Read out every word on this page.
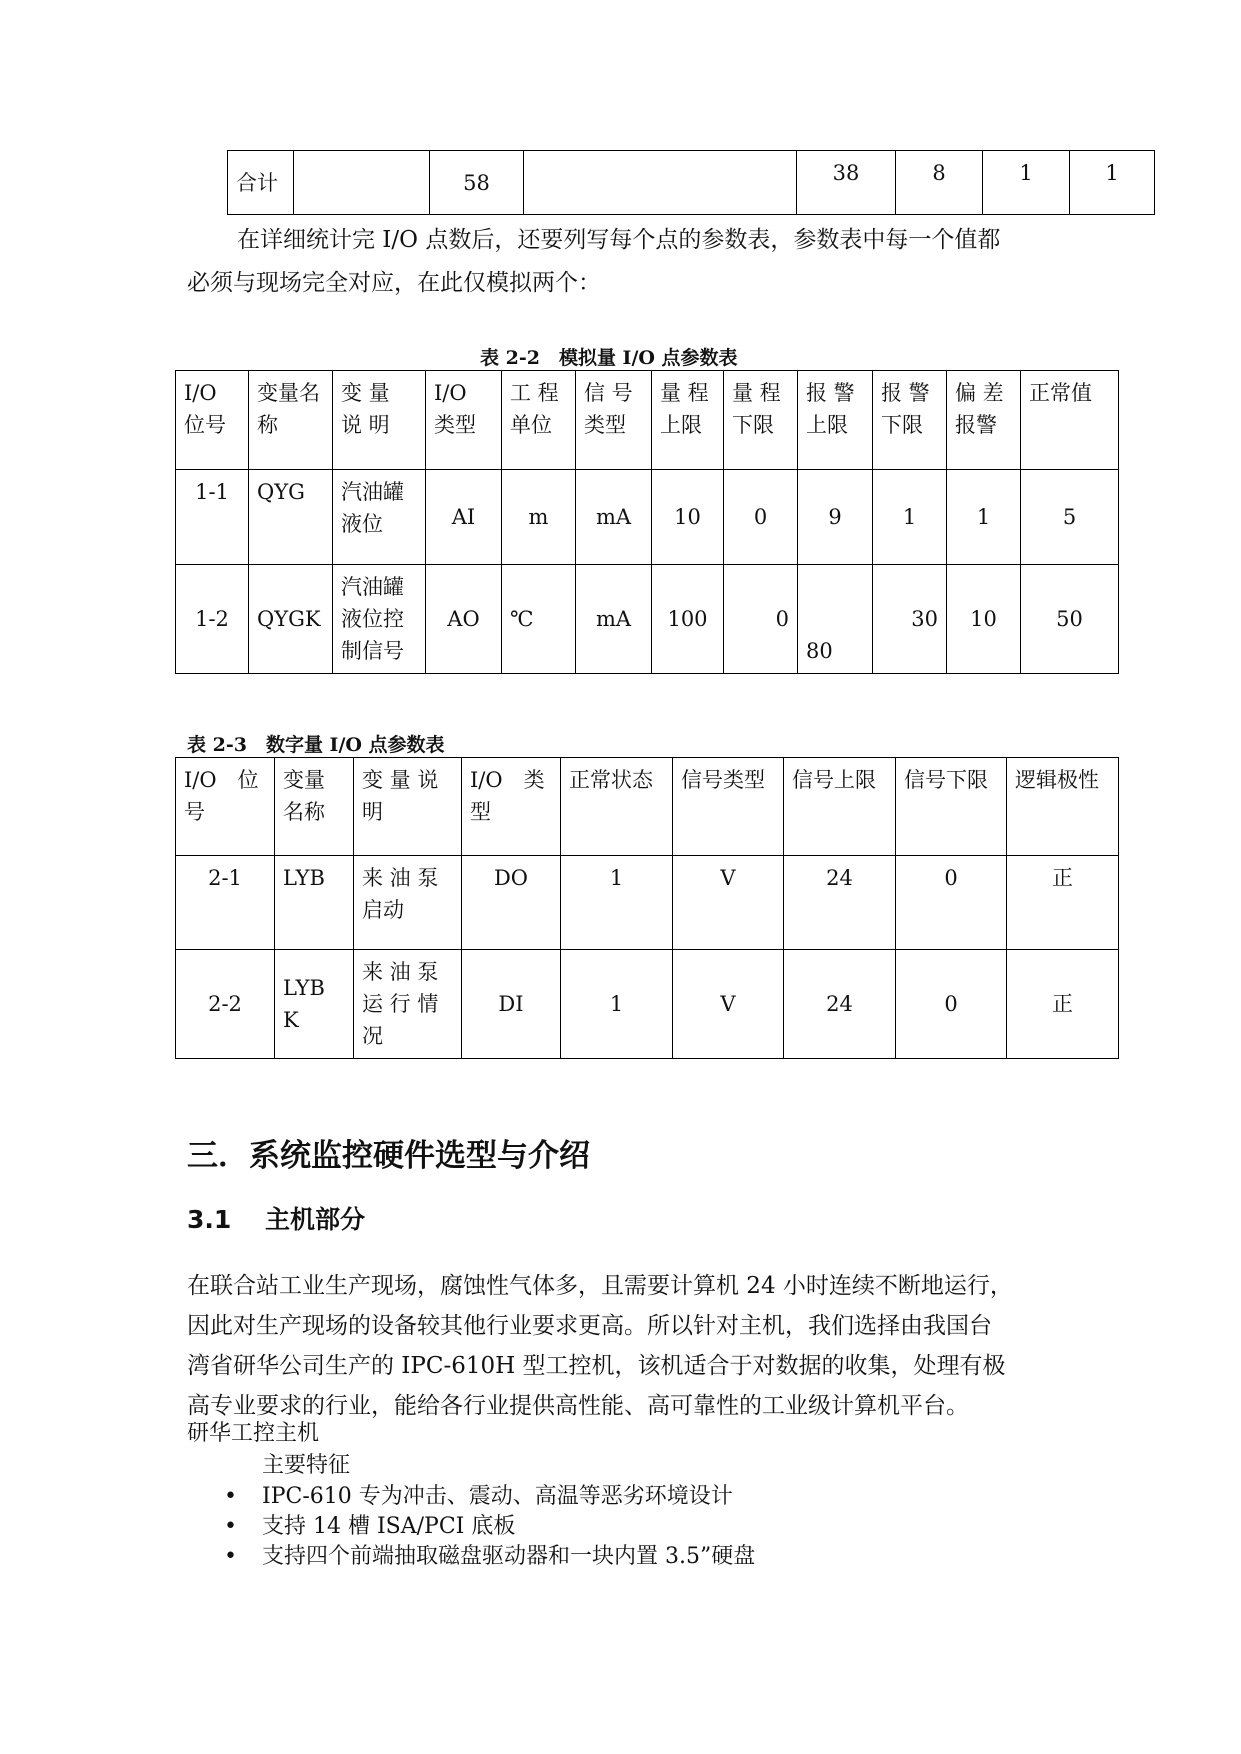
合计		58		38	8	1	1

在详细统计完 I/O 点数后，还要列写每个点的参数表，参数表中每一个值都

必须与现场完全对应，在此仅模拟两个：

表 2-2　模拟量 I/O 点参数表
I/O 位号	变量名称	变 量 说 明	I/O 类型	工 程 单位	信 号 类型	量 程 上限	量 程 下限	报 警 上限	报 警 下限	偏 差 报警	正常值
1-1	QYG	汽油罐液位	AI	m	mA	10	0	9	1	1	5
1-2	QYGK	汽油罐液位控制信号	AO	℃	mA	100	0	80	30	10	50
表 2-3　数字量 I/O 点参数表
I/O　位号	变量名称	变 量 说 明	I/O　类型	正常状态	信号类型	信号上限	信号下限	逻辑极性
2-1	LYB	来 油 泵 启动	DO	1	V	24	0	正
2-2	LYBK	来 油 泵 运 行 情 况	DI	1	V	24	0	正
三．系统监控硬件选型与介绍
3.1 主机部分

在联合站工业生产现场，腐蚀性气体多，且需要计算机 24 小时连续不断地运行，

因此对生产现场的设备较其他行业要求更高。所以针对主机，我们选择由我国台

湾省研华公司生产的 IPC-610H 型工控机，该机适合于对数据的收集，处理有极

高专业要求的行业，能给各行业提供高性能、高可靠性的工业级计算机平台。

研华工控主机

主要特征

•	IPC-610 专为冲击、震动、高温等恶劣环境设计
•	支持 14 槽 ISA/PCI 底板
•	支持四个前端抽取磁盘驱动器和一块内置 3.5”硬盘
